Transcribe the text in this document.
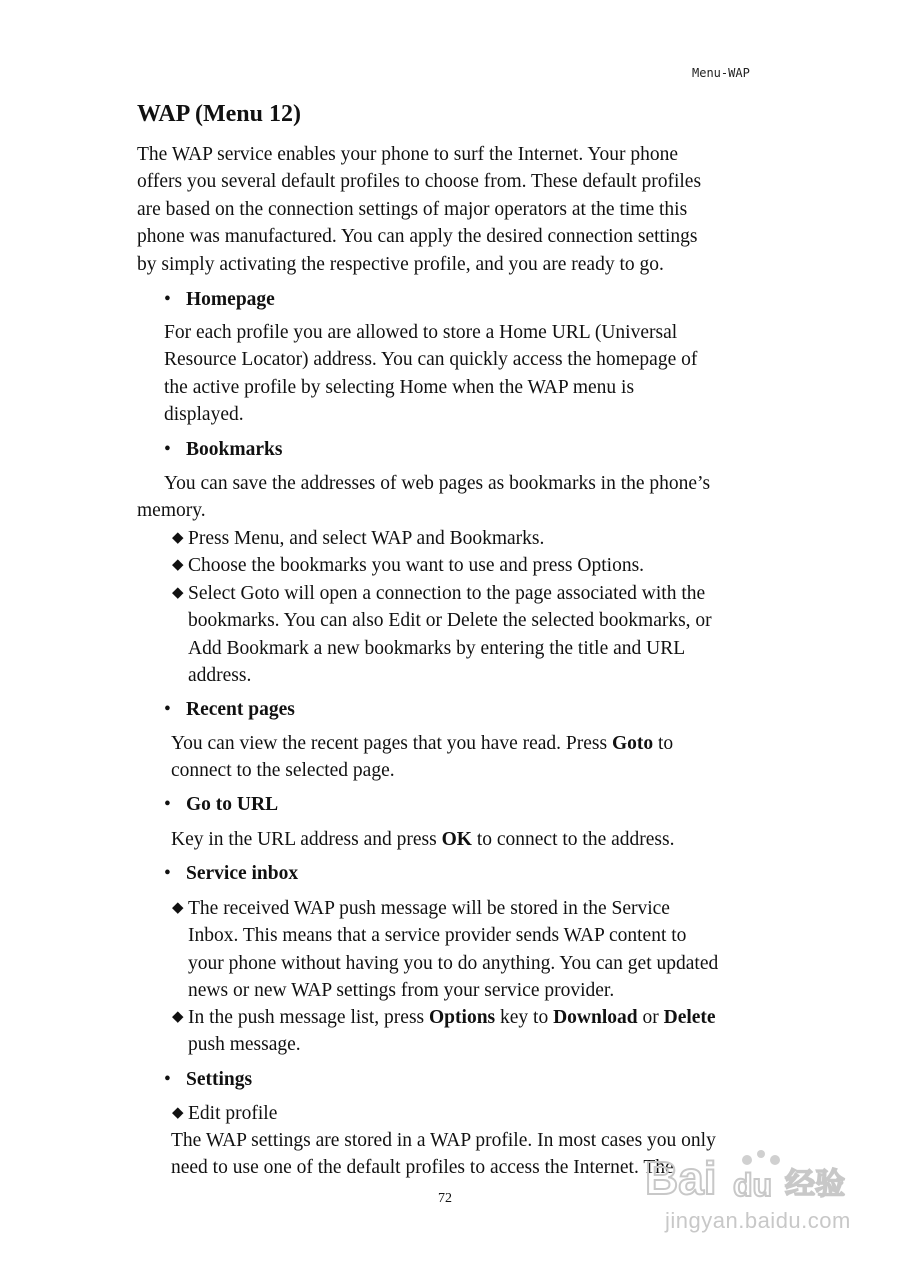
Menu-WAP
WAP (Menu 12)
The WAP service enables your phone to surf the Internet. Your phone
offers you several default profiles to choose from. These default profiles
are based on the connection settings of major operators at the time this
phone was manufactured. You can apply the desired connection settings
by simply activating the respective profile, and you are ready to go.
• Homepage
For each profile you are allowed to store a Home URL (Universal
Resource Locator) address. You can quickly access the homepage of
the active profile by selecting Home when the WAP menu is
displayed.
• Bookmarks
You can save the addresses of web pages as bookmarks in the phone’s
memory.
◆ Press Menu, and select WAP and Bookmarks.
◆ Choose the bookmarks you want to use and press Options.
◆ Select Goto will open a connection to the page associated with the
bookmarks. You can also Edit or Delete the selected bookmarks, or
Add Bookmark a new bookmarks by entering the title and URL
address.
• Recent pages
You can view the recent pages that you have read. Press Goto to
connect to the selected page.
• Go to URL
Key in the URL address and press OK to connect to the address.
• Service inbox
◆ The received WAP push message will be stored in the Service
Inbox. This means that a service provider sends WAP content to
your phone without having you to do anything. You can get updated
news or new WAP settings from your service provider.
◆ In the push message list, press Options key to Download or Delete
push message.
• Settings
◆ Edit profile
The WAP settings are stored in a WAP profile. In most cases you only
need to use one of the default profiles to access the Internet. The
72	Bai du 经验
jingyan.baidu.com
